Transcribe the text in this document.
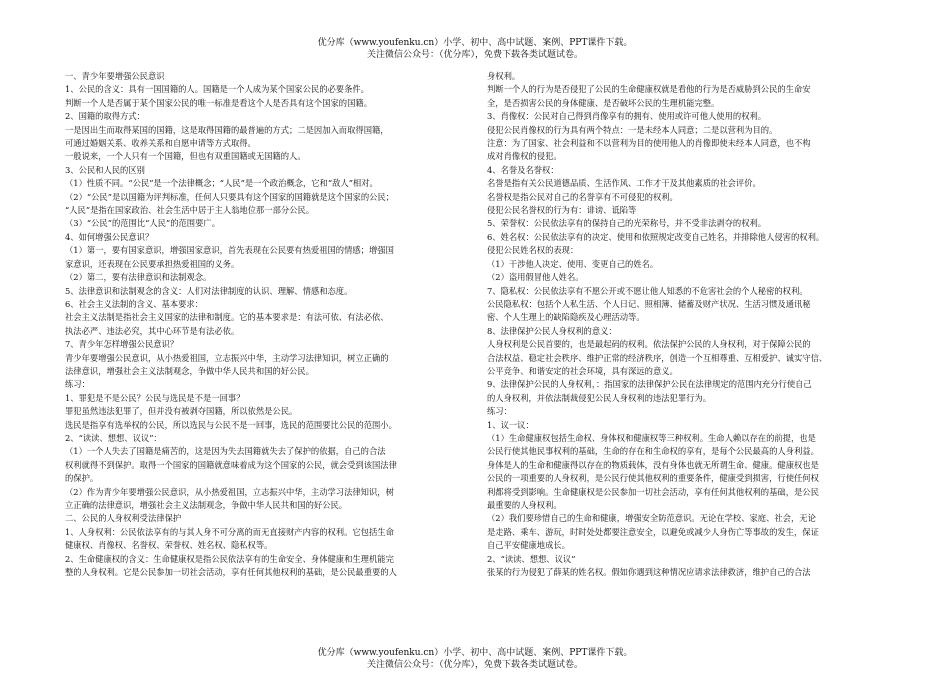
优分库（www.youfenku.cn）小学、初中、高中试题、案例、PPT课件下载。
关注微信公众号：（优分库），免费下载各类试题试卷。

一、青少年要增强公民意识

1、公民的含义：具有一国国籍的人。国籍是一个人成为某个国家公民的必要条件。

判断一个人是否属于某个国家公民的唯一标准是看这个人是否具有这个国家的国籍。

2、国籍的取得方式：

一是因出生而取得某国的国籍，这是取得国籍的最普遍的方式；二是因加入而取得国籍，

可通过婚姻关系、收养关系和自愿申请等方式取得。

一般说来，一个人只有一个国籍，但也有双重国籍或无国籍的人。

3、公民和人民的区别

（1）性质不同。“公民”是一个法律概念；“人民”是一个政治概念，它和“敌人”相对。

（2）“公民”是以国籍为评判标准，任何人只要具有这个国家的国籍就是这个国家的公民；

“人民”是指在国家政治、社会生活中居于主人翁地位那一部分公民。

（3）“公民”的范围比“人民”的范围要广。

4、如何增强公民意识？

（1）第一，要有国家意识，增强国家意识，首先表现在公民要有热爱祖国的情感；增强国

家意识，还表现在公民要承担热爱祖国的义务。

（2）第二，要有法律意识和法制观念。

5、法律意识和法制观念的含义：人们对法律制度的认识、理解、情感和态度。

6、社会主义法制的含义、基本要求：

社会主义法制是指社会主义国家的法律和制度。它的基本要求是：有法可依、有法必依、

执法必严、违法必究，其中心环节是有法必依。

7、青少年怎样增强公民意识？

青少年要增强公民意识，从小热爱祖国，立志振兴中华，主动学习法律知识，树立正确的

法律意识，增强社会主义法制观念，争做中华人民共和国的好公民。

练习：

1、罪犯是不是公民？公民与选民是不是一回事？

罪犯虽然违法犯罪了，但并没有被剥夺国籍，所以依然是公民。

选民是指享有选举权的公民，所以选民与公民不是一回事，选民的范围要比公民的范围小。

2、“读读、想想、议议”：

（1）一个人失去了国籍是痛苦的，这是因为失去国籍就失去了保护的依据，自己的合法

权利就得不到保护。取得一个国家的国籍就意味着成为这个国家的公民，就会受到该国法律

的保护。

（2）作为青少年要增强公民意识，从小热爱祖国，立志振兴中华，主动学习法律知识，树

立正确的法律意识，增强社会主义法制观念，争做中华人民共和国的好公民。

二、公民的人身权利受法律保护

1、人身权利：公民依法享有的与其人身不可分离的而无直接财产内容的权利。它包括生命

健康权、肖像权、名誉权、荣誉权、姓名权、隐私权等。

2、生命健康权的含义：生命健康权是指公民依法享有的生命安全、身体健康和生理机能完

整的人身权利。它是公民参加一切社会活动，享有任何其他权利的基础，是公民最重要的人

身权利。

判断一个人的行为是否侵犯了公民的生命健康权就是看他的行为是否威胁到公民的生命安

全，是否损害公民的身体健康、是否破坏公民的生理机能完整。

3、肖像权：公民对自己得到肖像享有的拥有、使用或许可他人使用的权利。

侵犯公民肖像权的行为具有两个特点：一是未经本人同意；二是以营利为目的。

注意：为了国家、社会利益和不以营利为目的使用他人的肖像即使未经本人同意，也不构

成对肖像权的侵犯。

4、名誉及名誉权：

名誉是指有关公民道德品质、生活作风、工作才干及其他素质的社会评价。

名誉权是指公民对自己的名誉享有不可侵犯的权利。

侵犯公民名誉权的行为有：诽谤、诋陷等

5、荣誉权：公民依法享有的保持自己的光荣称号，并不受非法剥夺的权利。

6、姓名权：公民依法享有的决定、使用和依照规定改变自己姓名，并排除他人侵害的权利。

侵犯公民姓名权的表现：

（1）干涉他人决定、使用、变更自己的姓名。

（2）盗用假冒他人姓名。

7、隐私权：公民依法享有不愿公开或不愿让他人知悉的不危害社会的个人秘密的权利。

公民隐私权：包括个人私生活、个人日记、照相簿、储蓄及财产状况、生活习惯及通讯秘

密、个人生理上的缺陷隐疾及心理活动等。

8、法律保护公民人身权利的意义：

人身权利是公民首要的，也是最起码的权利。依法保护公民的人身权利，对于保障公民的

合法权益、稳定社会秩序、维护正常的经济秩序，创造一个互相尊重、互相爱护、诚实守信、

公平竞争、和谐安定的社会环境，具有深远的意义。

9、法律保护公民的人身权利，：指国家的法律保护公民在法律规定的范围内充分行使自己

的人身权利，并依法制裁侵犯公民人身权利的违法犯罪行为。

练习：

1、议一议：

（1）生命健康权包括生命权、身体权和健康权等三种权利。生命人赖以存在的前提，也是

公民行使其他民事权利的基础，生命的存在和生命权的享有，是每个公民最高的人身利益。

身体是人的生命和健康得以存在的物质载体，没有身体也就无所谓生命、健康。健康权也是

公民的一项重要的人身权利，是公民行使其他权利的重要条件，健康受到损害，行使任何权

利都将受到影响。生命健康权是公民参加一切社会活动，享有任何其他权利的基础，是公民

最重要的人身权利。

（2）我们要珍惜自己的生命和健康，增强安全防范意识。无论在学校、家庭、社会，无论

是走路、乘车、游玩，时时处处都要注意安全，以避免或减少人身伤亡等事故的发生，保证

自己平安健康地成长。

2、“读读、想想、议议”

张某的行为侵犯了薛某的姓名权。假如你遇到这种情况应请求法律救济，维护自己的合法

优分库（www.youfenku.cn）小学、初中、高中试题、案例、PPT课件下载。
关注微信公众号：（优分库），免费下载各类试题试卷。
